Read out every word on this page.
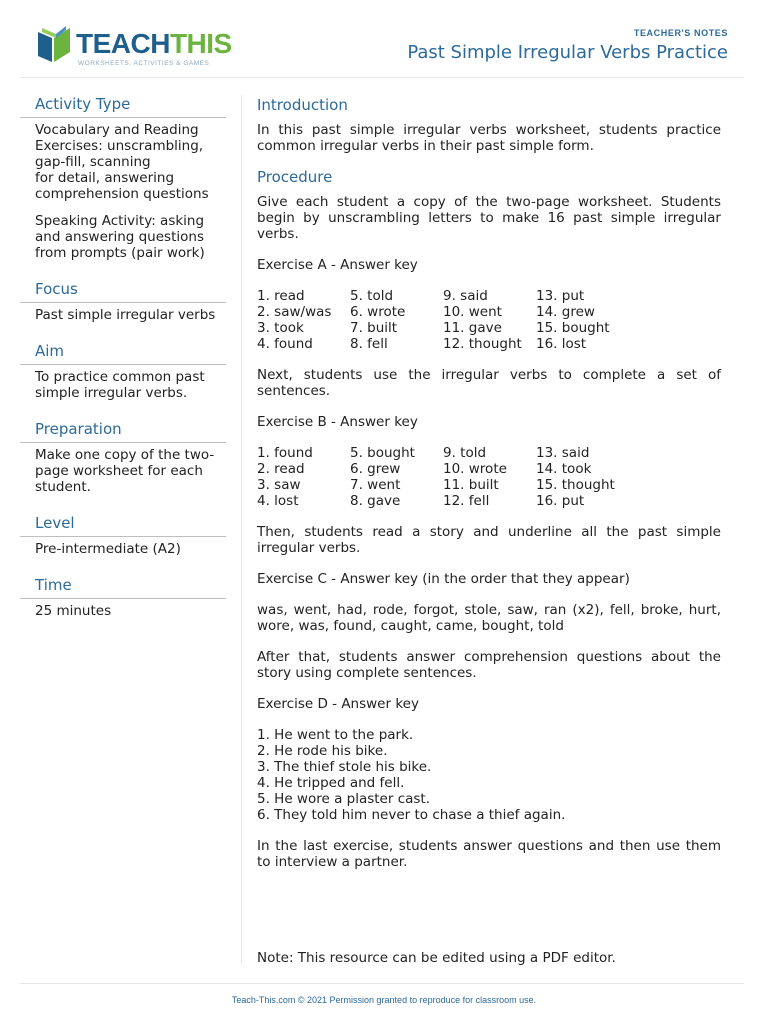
TEACHTHIS
WORKSHEETS, ACTIVITIES & GAMES
TEACHER'S NOTES
Past Simple Irregular Verbs Practice
Activity Type

Vocabulary and Reading Exercises: unscrambling, gap-fill, scanning
for detail, answering comprehension questions

Speaking Activity: asking and answering questions from prompts (pair work)

Focus

Past simple irregular verbs

Aim

To practice common past simple irregular verbs.

Preparation

Make one copy of the two-page worksheet for each student.

Level

Pre-intermediate (A2)

Time

25 minutes

Introduction

In this past simple irregular verbs worksheet, students practice common irregular verbs in their past simple form.

Procedure

Give each student a copy of the two-page worksheet. Students begin by unscrambling letters to make 16 past simple irregular verbs.

Exercise A - Answer key

1. read	5. told	9. said	13. put
2. saw/was	6. wrote	10. went	14. grew
3. took	7. built	11. gave	15. bought
4. found	8. fell	12. thought	16. lost

Next, students use the irregular verbs to complete a set of sentences.

Exercise B - Answer key

1. found	5. bought	9. told	13. said
2. read	6. grew	10. wrote	14. took
3. saw	7. went	11. built	15. thought
4. lost	8. gave	12. fell	16. put

Then, students read a story and underline all the past simple irregular verbs.

Exercise C - Answer key (in the order that they appear)

was, went, had, rode, forgot, stole, saw, ran (x2), fell, broke, hurt, wore, was, found, caught, came, bought, told

After that, students answer comprehension questions about the story using complete sentences.

Exercise D - Answer key

1. He went to the park.
2. He rode his bike.
3. The thief stole his bike.
4. He tripped and fell.
5. He wore a plaster cast.
6. They told him never to chase a thief again.

In the last exercise, students answer questions and then use them to interview a partner.

Note: This resource can be edited using a PDF editor.
Teach-This.com © 2021 Permission granted to reproduce for classroom use.
